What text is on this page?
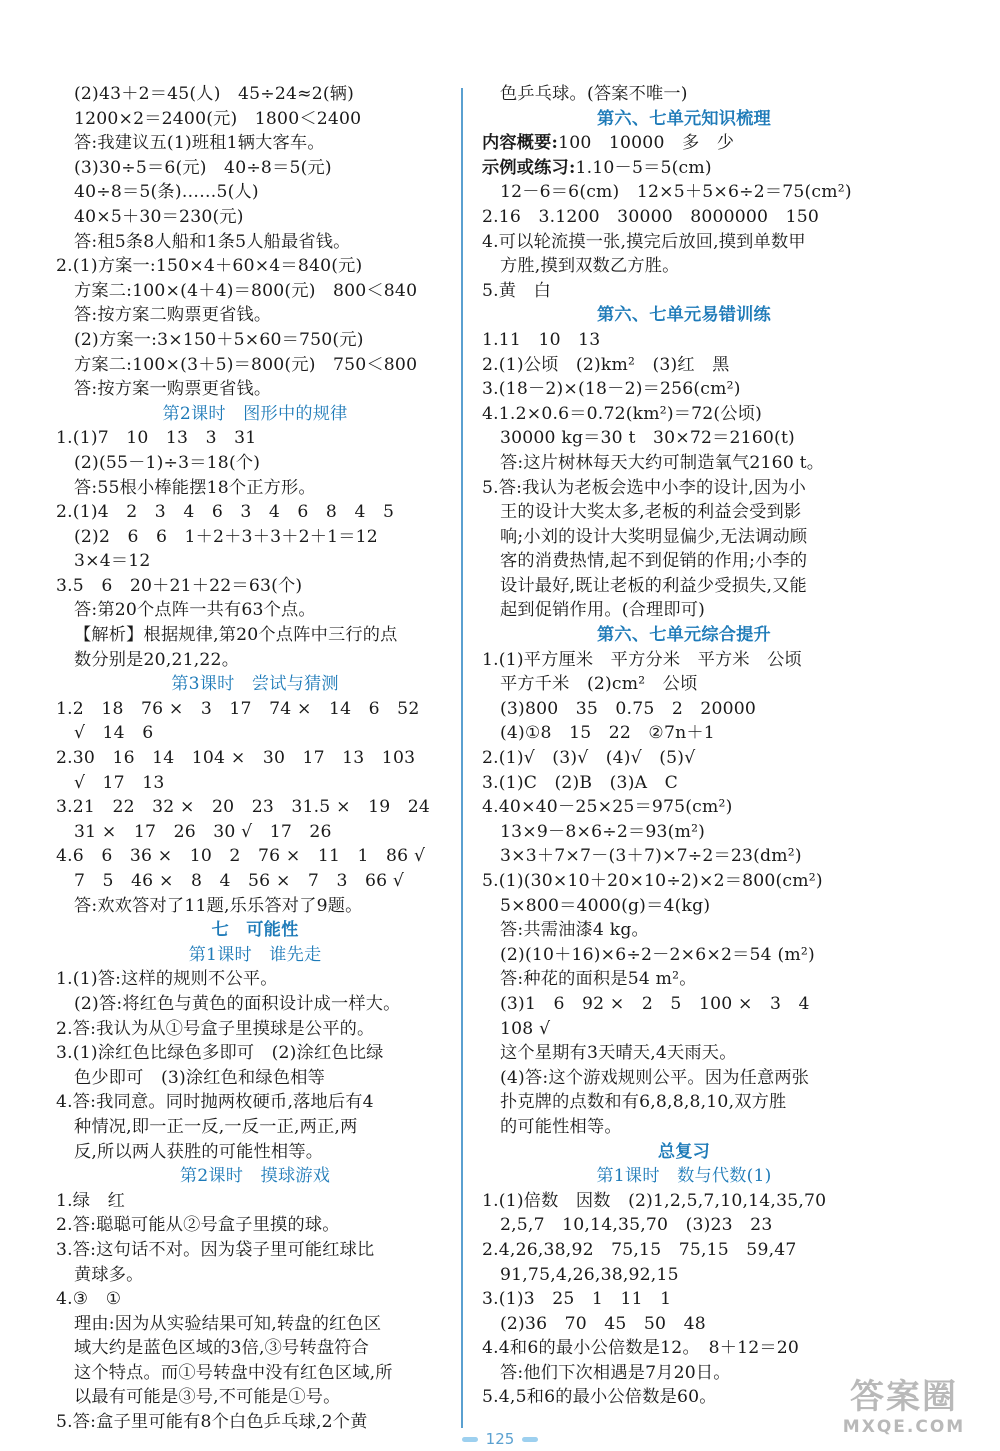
(2)43＋2＝45(人)　45÷24≈2(辆)
1200×2＝2400(元)　1800＜2400
答:我建议五(1)班租1辆大客车。
(3)30÷5＝6(元)　40÷8＝5(元)
40÷8＝5(条)……5(人)
40×5＋30＝230(元)
答:租5条8人船和1条5人船最省钱。
2.(1)方案一:150×4＋60×4＝840(元)
方案二:100×(4＋4)＝800(元)　800＜840
答:按方案二购票更省钱。
(2)方案一:3×150＋5×60＝750(元)
方案二:100×(3＋5)＝800(元)　750＜800
答:按方案一购票更省钱。
第2课时　图形中的规律
1.(1)7　10　13　3　31
(2)(55－1)÷3＝18(个)
答:55根小棒能摆18个正方形。
2.(1)4　2　3　4　6　3　4　6　8　4　5
(2)2　6　6　1＋2＋3＋3＋2＋1＝12
3×4＝12
3.5　6　20＋21＋22＝63(个)
答:第20个点阵一共有63个点。
【解析】根据规律,第20个点阵中三行的点
数分别是20,21,22。
第3课时　尝试与猜测
1.2　18　76 ×　3　17　74 ×　14　6　52
√　14　6
2.30　16　14　104 ×　30　17　13　103
√　17　13
3.21　22　32 ×　20　23　31.5 ×　19　24
31 ×　17　26　30 √　17　26
4.6　6　36 ×　10　2　76 ×　11　1　86 √
7　5　46 ×　8　4　56 ×　7　3　66 √
答:欢欢答对了11题,乐乐答对了9题。
七　可能性
第1课时　谁先走
1.(1)答:这样的规则不公平。
(2)答:将红色与黄色的面积设计成一样大。
2.答:我认为从①号盒子里摸球是公平的。
3.(1)涂红色比绿色多即可　(2)涂红色比绿
色少即可　(3)涂红色和绿色相等
4.答:我同意。同时抛两枚硬币,落地后有4
种情况,即一正一反,一反一正,两正,两
反,所以两人获胜的可能性相等。
第2课时　摸球游戏
1.绿　红
2.答:聪聪可能从②号盒子里摸的球。
3.答:这句话不对。因为袋子里可能红球比
黄球多。
4.③　①
理由:因为从实验结果可知,转盘的红色区
域大约是蓝色区域的3倍,③号转盘符合
这个特点。而①号转盘中没有红色区域,所
以最有可能是③号,不可能是①号。
5.答:盒子里可能有8个白色乒乓球,2个黄
色乒乓球。(答案不唯一)
第六、七单元知识梳理
内容概要:100　10000　多　少
示例或练习:1.10－5＝5(cm)
12－6＝6(cm)　12×5＋5×6÷2＝75(cm²)
2.16　3.1200　30000　8000000　150
4.可以轮流摸一张,摸完后放回,摸到单数甲
方胜,摸到双数乙方胜。
5.黄　白
第六、七单元易错训练
1.11　10　13
2.(1)公顷　(2)km²　(3)红　黑
3.(18－2)×(18－2)＝256(cm²)
4.1.2×0.6＝0.72(km²)＝72(公顷)
30000 kg＝30 t　30×72＝2160(t)
答:这片树林每天大约可制造氧气2160 t。
5.答:我认为老板会选中小李的设计,因为小
王的设计大奖太多,老板的利益会受到影
响;小刘的设计大奖明显偏少,无法调动顾
客的消费热情,起不到促销的作用;小李的
设计最好,既让老板的利益少受损失,又能
起到促销作用。(合理即可)
第六、七单元综合提升
1.(1)平方厘米　平方分米　平方米　公顷
平方千米　(2)cm²　公顷
(3)800　35　0.75　2　20000
(4)①8　15　22　②7n＋1
2.(1)√　(3)√　(4)√　(5)√
3.(1)C　(2)B　(3)A　C
4.40×40－25×25＝975(cm²)
13×9－8×6÷2＝93(m²)
3×3＋7×7－(3＋7)×7÷2＝23(dm²)
5.(1)(30×10＋20×10÷2)×2＝800(cm²)
5×800＝4000(g)＝4(kg)
答:共需油漆4 kg。
(2)(10＋16)×6÷2－2×6×2＝54 (m²)
答:种花的面积是54 m²。
(3)1　6　92 ×　2　5　100 ×　3　4
108 √
这个星期有3天晴天,4天雨天。
(4)答:这个游戏规则公平。因为任意两张
扑克牌的点数和有6,8,8,8,10,双方胜
的可能性相等。
总复习
第1课时　数与代数(1)
1.(1)倍数　因数　(2)1,2,5,7,10,14,35,70
2,5,7　10,14,35,70　(3)23　23
2.4,26,38,92　75,15　75,15　59,47
91,75,4,26,38,92,15
3.(1)3　25　1　11　1
(2)36　70　45　50　48
4.4和6的最小公倍数是12。　8＋12＝20
答:他们下次相遇是7月20日。
5.4,5和6的最小公倍数是60。
125
答案圈
MXQE.COM
